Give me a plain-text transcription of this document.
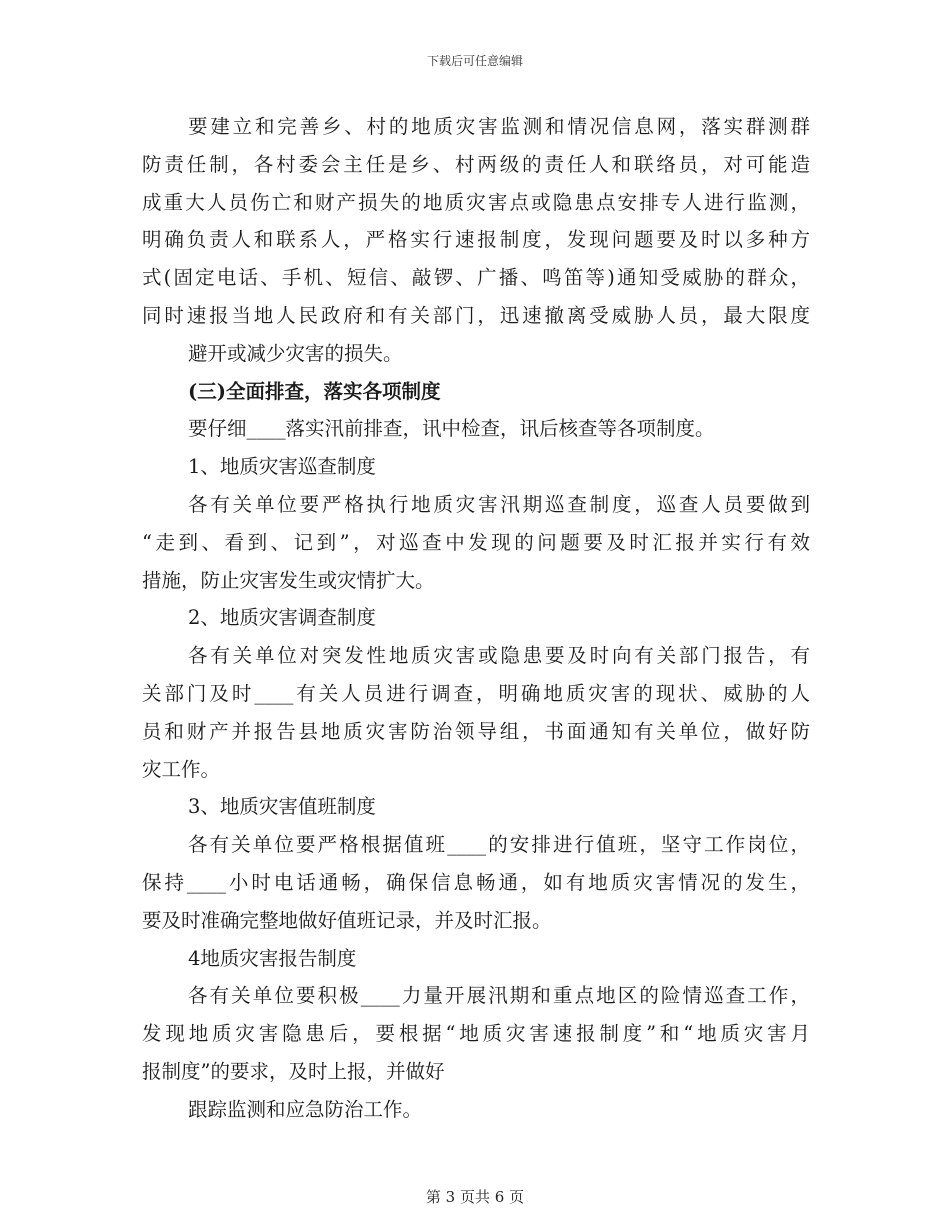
下载后可任意编辑
要建立和完善乡、村的地质灾害监测和情况信息网，落实群测群
防责任制，各村委会主任是乡、村两级的责任人和联络员，对可能造
成重大人员伤亡和财产损失的地质灾害点或隐患点安排专人进行监测，
明确负责人和联系人，严格实行速报制度，发现问题要及时以多种方
式(固定电话、手机、短信、敲锣、广播、鸣笛等)通知受威胁的群众，
同时速报当地人民政府和有关部门，迅速撤离受威胁人员，最大限度
避开或减少灾害的损失。
(三)全面排查，落实各项制度
要仔细____落实汛前排查，讯中检查，讯后核查等各项制度。
1、地质灾害巡查制度
各有关单位要严格执行地质灾害汛期巡查制度，巡查人员要做到
“走到、看到、记到”，对巡查中发现的问题要及时汇报并实行有效
措施，防止灾害发生或灾情扩大。
2、地质灾害调查制度
各有关单位对突发性地质灾害或隐患要及时向有关部门报告，有
关部门及时____有关人员进行调查，明确地质灾害的现状、威胁的人
员和财产并报告县地质灾害防治领导组，书面通知有关单位，做好防
灾工作。
3、地质灾害值班制度
各有关单位要严格根据值班____的安排进行值班，坚守工作岗位，
保持____小时电话通畅，确保信息畅通，如有地质灾害情况的发生，
要及时准确完整地做好值班记录，并及时汇报。
4地质灾害报告制度
各有关单位要积极____力量开展汛期和重点地区的险情巡查工作，
发现地质灾害隐患后，要根据“地质灾害速报制度”和“地质灾害月
报制度”的要求，及时上报，并做好
跟踪监测和应急防治工作。
第 3 页共 6 页
